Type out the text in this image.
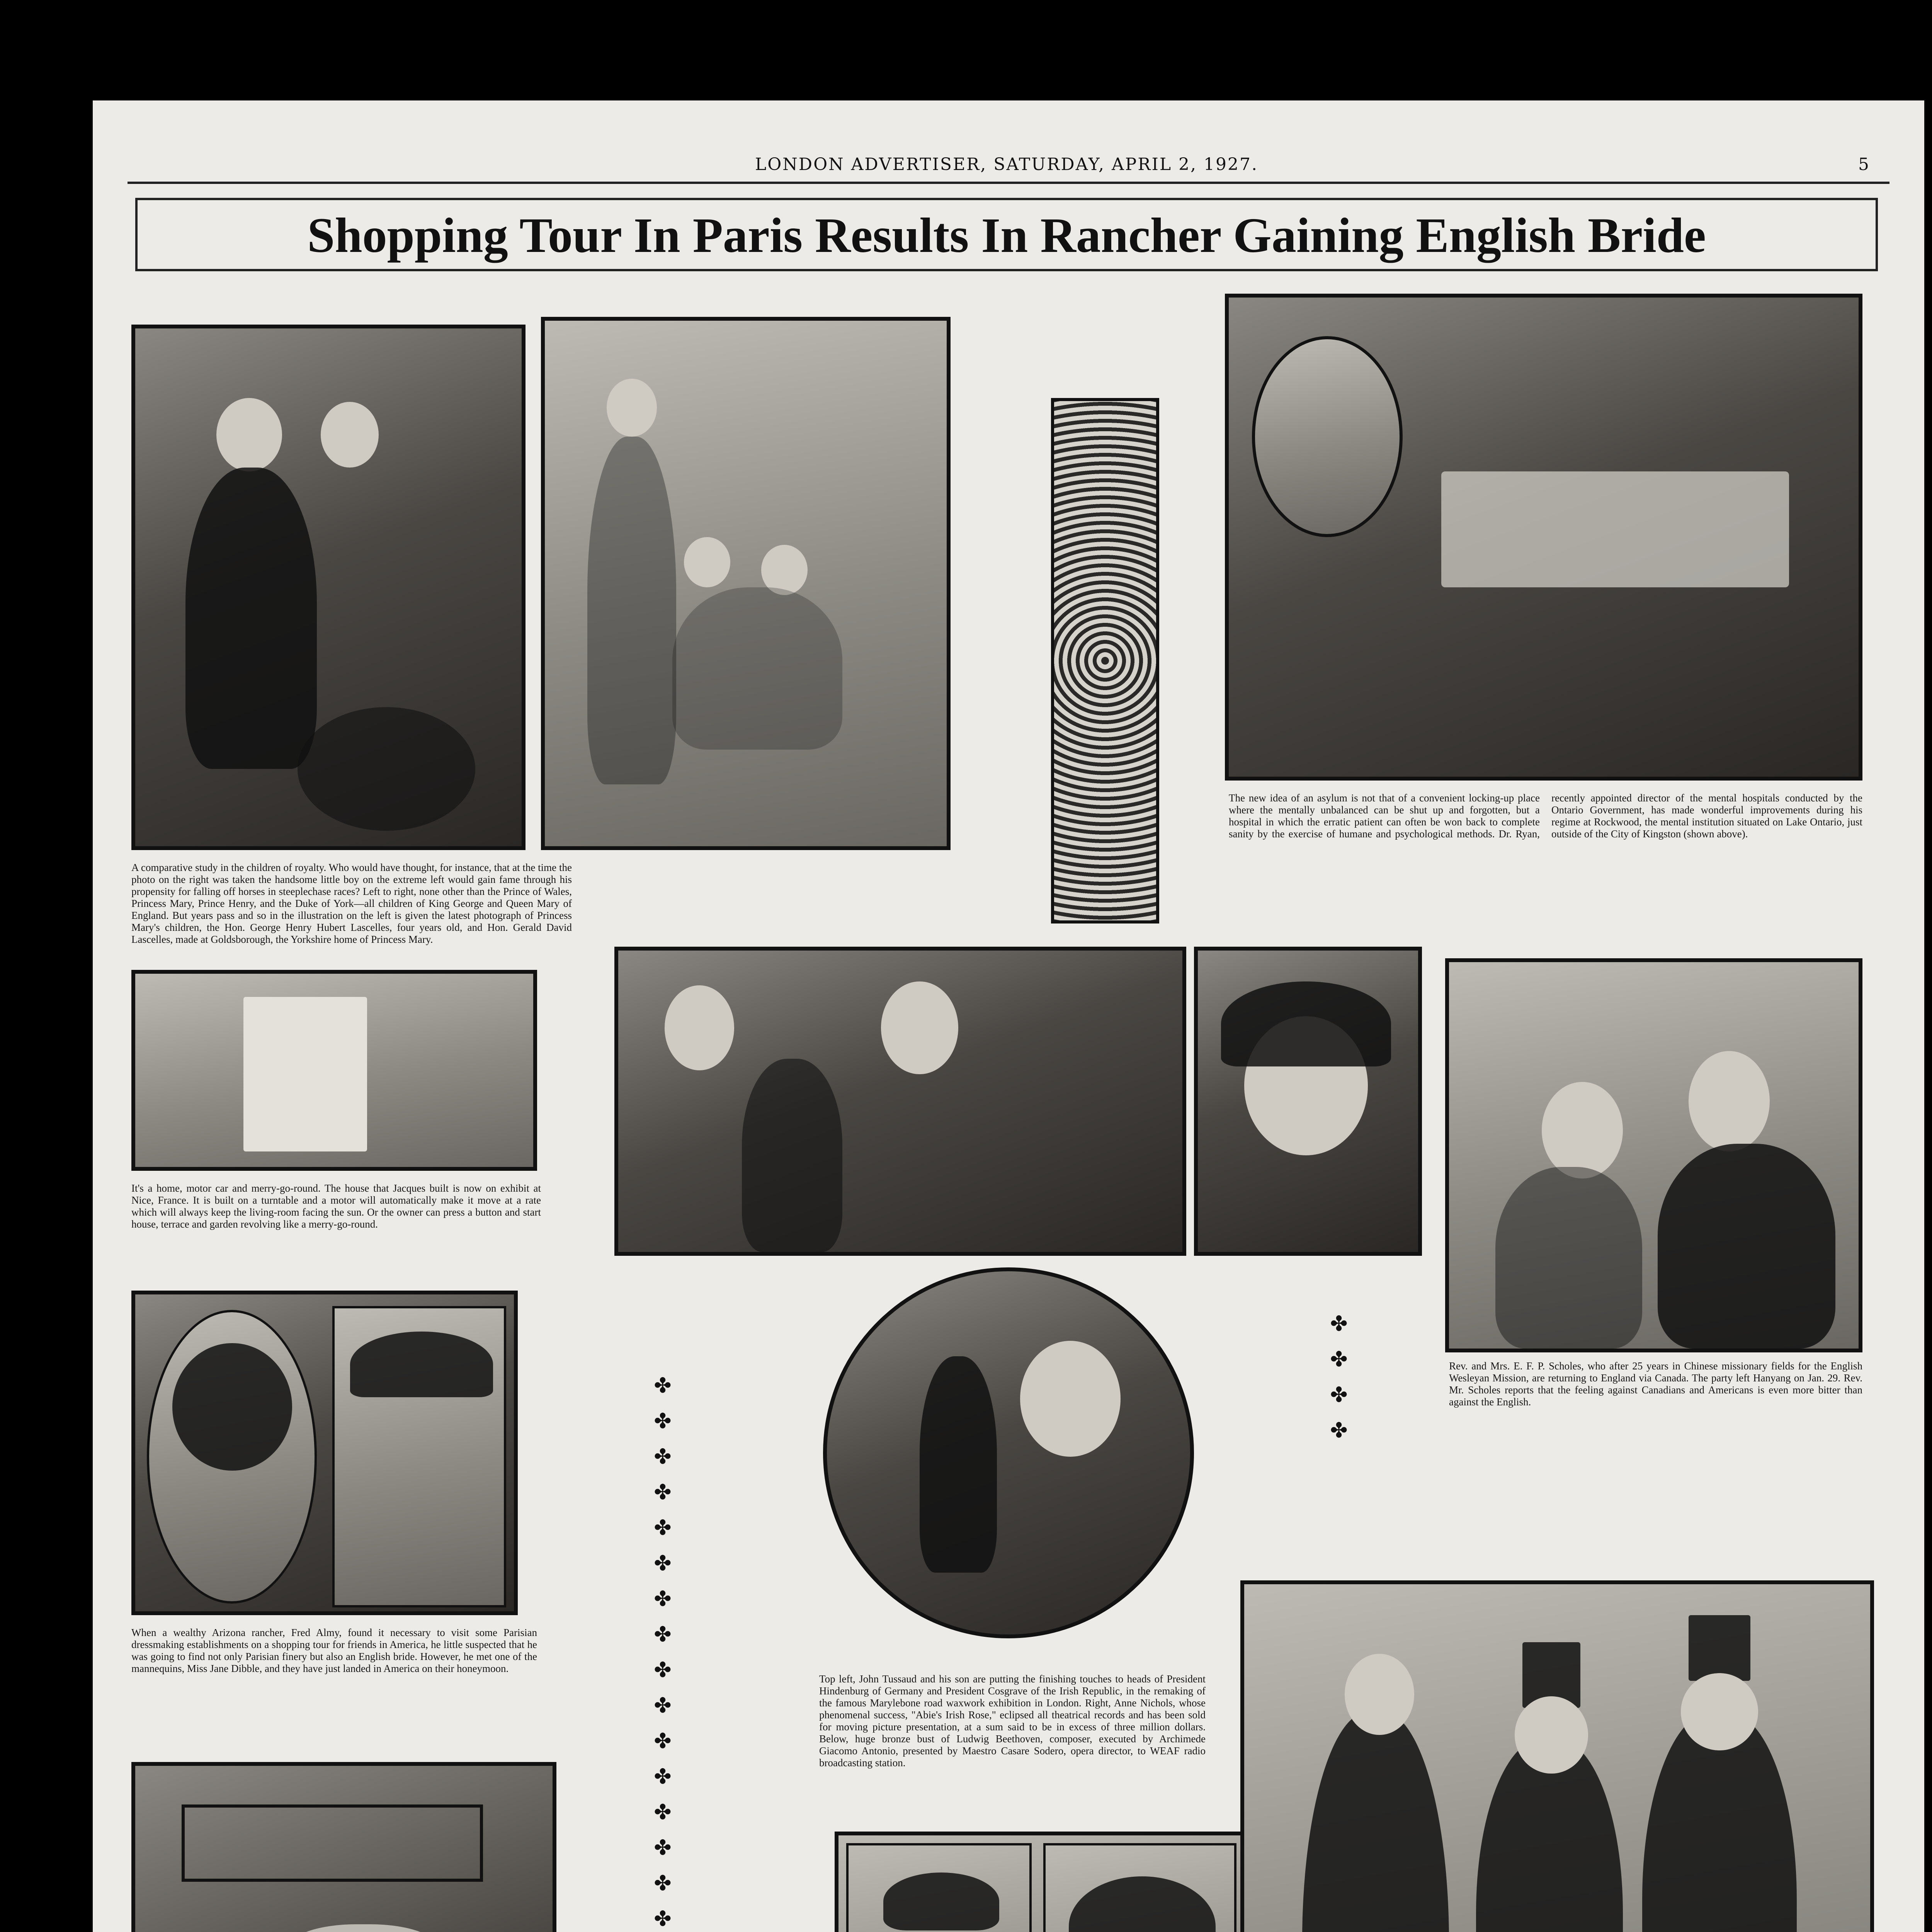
LONDON ADVERTISER, SATURDAY, APRIL 2, 1927.	5
Shopping Tour In Paris Results In Rancher Gaining English Bride
A comparative study in the children of royalty. Who would have thought, for instance, that at the time the photo on the right was taken the handsome little boy on the extreme left would gain fame through his propensity for falling off horses in steeplechase races? Left to right, none other than the Prince of Wales, Princess Mary, Prince Henry, and the Duke of York—all children of King George and Queen Mary of England. But years pass and so in the illustration on the left is given the latest photograph of Princess Mary's children, the Hon. George Henry Hubert Lascelles, four years old, and Hon. Gerald David Lascelles, made at Goldsborough, the Yorkshire home of Princess Mary.
The new idea of an asylum is not that of a convenient locking-up place where the mentally unbalanced can be shut up and forgotten, but a hospital in which the erratic patient can often be won back to complete sanity by the exercise of humane and psychological methods. Dr. Ryan, recently appointed director of the mental hospitals conducted by the Ontario Government, has made wonderful improvements during his regime at Rockwood, the mental institution situated on Lake Ontario, just outside of the City of Kingston (shown above).
It's a home, motor car and merry-go-round. The house that Jacques built is now on exhibit at Nice, France. It is built on a turntable and a motor will automatically make it move at a rate which will always keep the living-room facing the sun. Or the owner can press a button and start house, terrace and garden revolving like a merry-go-round.
Rev. and Mrs. E. F. P. Scholes, who after 25 years in Chinese missionary fields for the English Wesleyan Mission, are returning to England via Canada. The party left Hanyang on Jan. 29. Rev. Mr. Scholes reports that the feeling against Canadians and Americans is even more bitter than against the English.
Top left, John Tussaud and his son are putting the finishing touches to heads of President Hindenburg of Germany and President Cosgrave of the Irish Republic, in the remaking of the famous Marylebone road waxwork exhibition in London. Right, Anne Nichols, whose phenomenal success, "Abie's Irish Rose," eclipsed all theatrical records and has been sold for moving picture presentation, at a sum said to be in excess of three million dollars. Below, huge bronze bust of Ludwig Beethoven, composer, executed by Archimede Giacomo Antonio, presented by Maestro Casare Sodero, opera director, to WEAF radio broadcasting station.
When a wealthy Arizona rancher, Fred Almy, found it necessary to visit some Parisian dressmaking establishments on a shopping tour for friends in America, he little suspected that he was going to find not only Parisian finery but also an English bride. However, he met one of the mannequins, Miss Jane Dibble, and they have just landed in America on their honeymoon.
✤
✤
✤
✤
✤
✤
✤
✤
✤
✤
✤
✤
✤
✤
✤
✤
✤
✤
✤
✤
